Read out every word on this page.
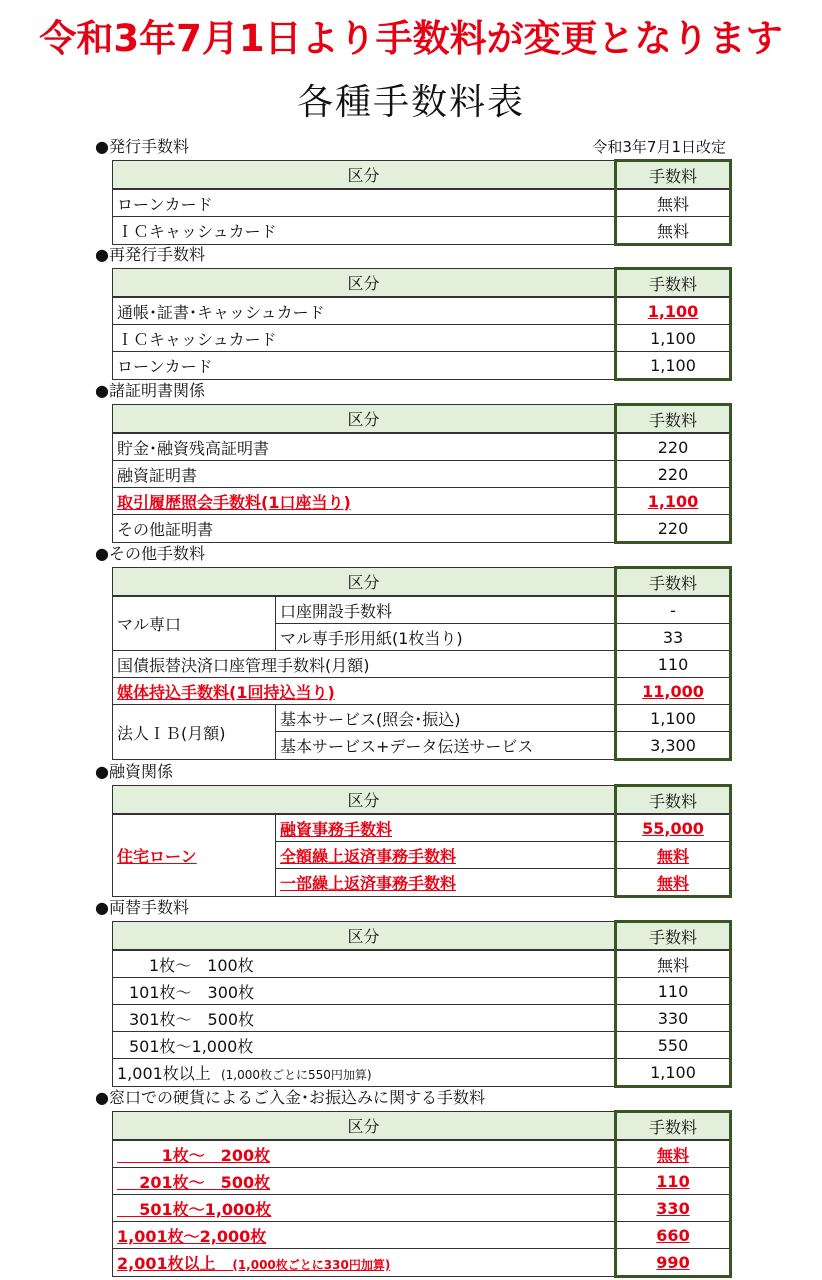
令和3年7月1日より手数料が変更となります
各種手数料表
●発行手数料	令和3年7月1日改定
区分	手数料
ローンカード	無料
ＩＣキャッシュカード	無料
●再発行手数料
区分	手数料
通帳･証書･キャッシュカード	1,100
ＩＣキャッシュカード	1,100
ローンカード	1,100
●諸証明書関係
区分	手数料
貯金･融資残高証明書	220
融資証明書	220
取引履歴照会手数料(1口座当り)	1,100
その他証明書	220
●その他手数料
区分		手数料
マル専口	口座開設手数料	-
	マル専手形用紙(1枚当り)	33
国債振替決済口座管理手数料(月額)		110
媒体持込手数料(1回持込当り)		11,000
法人ＩＢ(月額)	基本サービス(照会･振込)	1,100
	基本サービス+データ伝送サービス	3,300
●融資関係
区分		手数料
住宅ローン	融資事務手数料	55,000
	全額繰上返済事務手数料	無料
	一部繰上返済事務手数料	無料
●両替手数料
区分	手数料
1枚～　100枚	無料
101枚～　300枚	110
301枚～　500枚	330
501枚～1,000枚	550
1,001枚以上 (1,000枚ごとに550円加算)	1,100
●窓口での硬貨によるご入金･お振込みに関する手数料
区分	手数料
1枚～　200枚	無料
201枚～　500枚	110
501枚～1,000枚	330
1,001枚～2,000枚	660
2,001枚以上 (1,000枚ごとに330円加算)	990
